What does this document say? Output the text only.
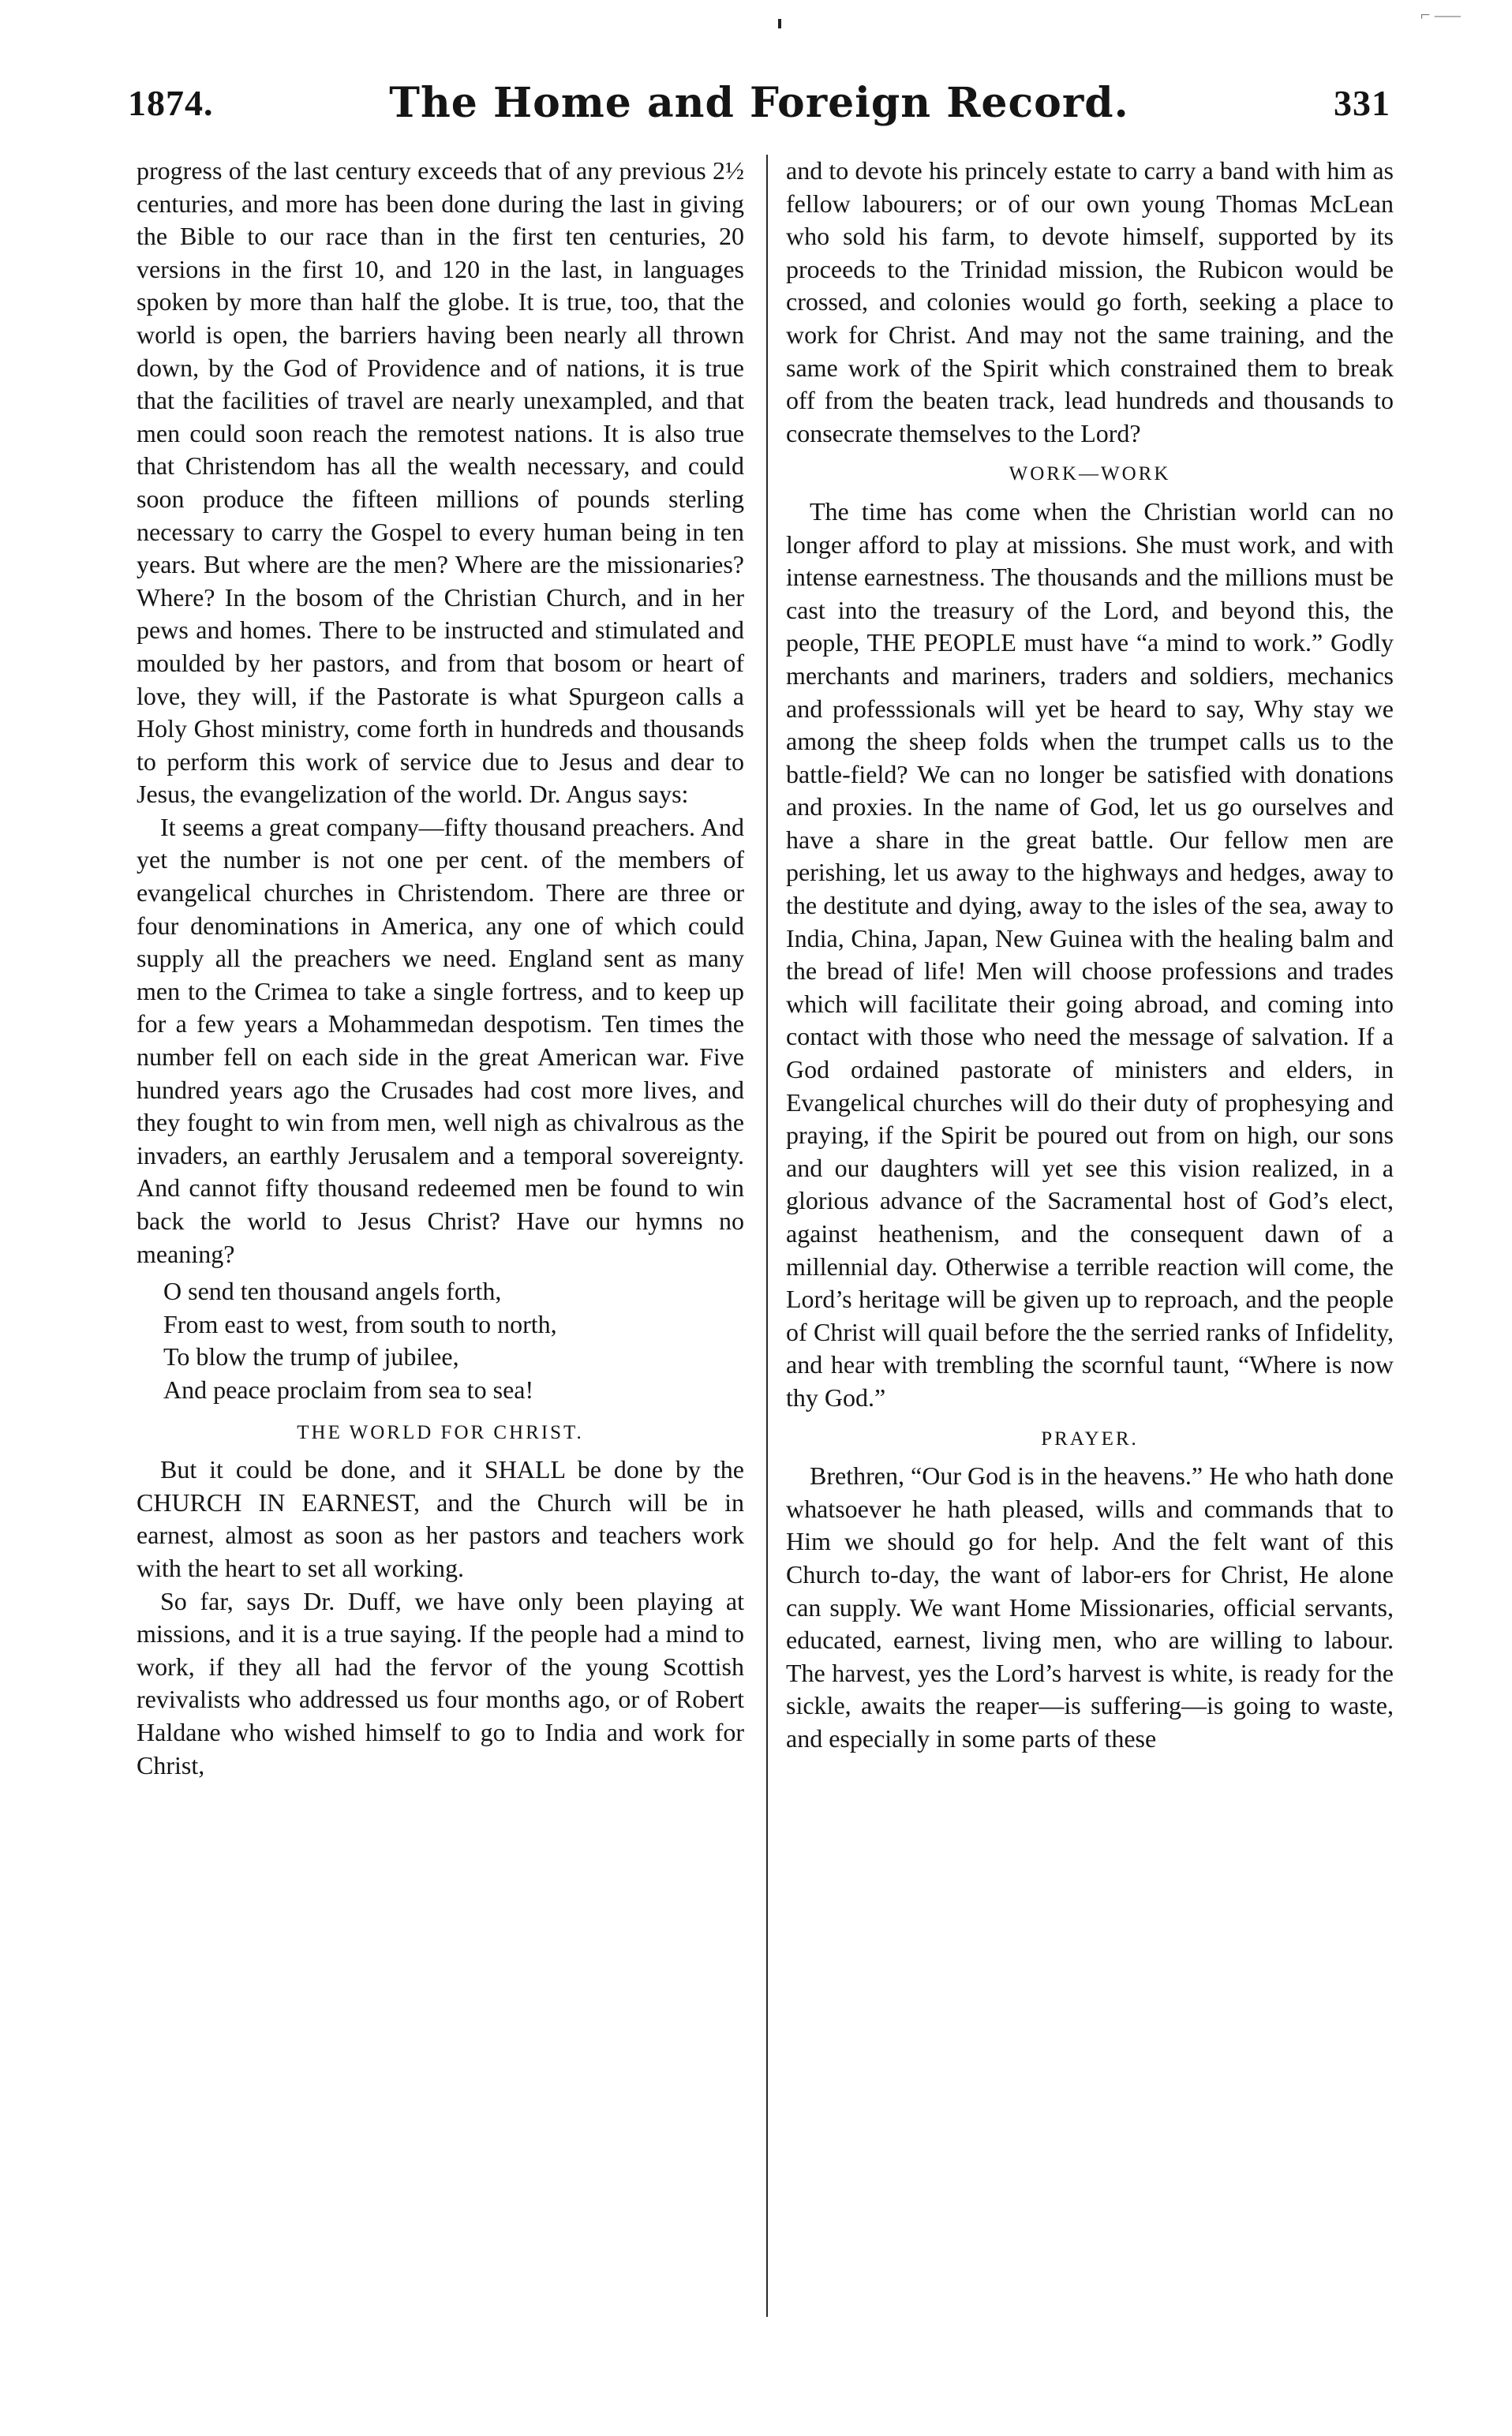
⌐ ‒‒‒
1874.	The Home and Foreign Record.	331

progress of the last century exceeds that of any previous 2½ centuries, and more has been done during the last in giving the Bible to our race than in the first ten centuries, 20 versions in the first 10, and 120 in the last, in languages spoken by more than half the globe. It is true, too, that the world is open, the barriers having been nearly all thrown down, by the God of Providence and of nations, it is true that the facilities of travel are nearly unexampled, and that men could soon reach the remotest nations. It is also true that Christendom has all the wealth necessary, and could soon produce the fifteen millions of pounds sterling necessary to carry the Gospel to every human being in ten years. But where are the men? Where are the missionaries? Where? In the bosom of the Christian Church, and in her pews and homes. There to be instructed and stimulated and moulded by her pastors, and from that bosom or heart of love, they will, if the Pastorate is what Spurgeon calls a Holy Ghost ministry, come forth in hundreds and thousands to perform this work of service due to Jesus and dear to Jesus, the evangelization of the world. Dr. Angus says:

It seems a great company—fifty thousand preachers. And yet the number is not one per cent. of the members of evangelical churches in Christendom. There are three or four denominations in America, any one of which could supply all the preachers we need. England sent as many men to the Crimea to take a single fortress, and to keep up for a few years a Mohammedan despotism. Ten times the number fell on each side in the great American war. Five hundred years ago the Crusades had cost more lives, and they fought to win from men, well nigh as chivalrous as the invaders, an earthly Jerusalem and a temporal sovereignty. And cannot fifty thousand redeemed men be found to win back the world to Jesus Christ? Have our hymns no meaning?

O send ten thousand angels forth,
From east to west, from south to north,
To blow the trump of jubilee,
And peace proclaim from sea to sea!
THE WORLD FOR CHRIST.

But it could be done, and it SHALL be done by the CHURCH IN EARNEST, and the Church will be in earnest, almost as soon as her pastors and teachers work with the heart to set all working.

So far, says Dr. Duff, we have only been playing at missions, and it is a true saying. If the people had a mind to work, if they all had the fervor of the young Scottish revivalists who addressed us four months ago, or of Robert Haldane who wished himself to go to India and work for Christ,

and to devote his princely estate to carry a band with him as fellow labourers; or of our own young Thomas McLean who sold his farm, to devote himself, supported by its proceeds to the Trinidad mission, the Rubicon would be crossed, and colonies would go forth, seeking a place to work for Christ. And may not the same training, and the same work of the Spirit which constrained them to break off from the beaten track, lead hundreds and thousands to consecrate themselves to the Lord?

WORK—WORK

The time has come when the Christian world can no longer afford to play at missions. She must work, and with intense earnestness. The thousands and the millions must be cast into the treasury of the Lord, and beyond this, the people, THE PEOPLE must have “a mind to work.” Godly merchants and mariners, traders and soldiers, mechanics and professsionals will yet be heard to say, Why stay we among the sheep folds when the trumpet calls us to the battle-field? We can no longer be satisfied with donations and proxies. In the name of God, let us go ourselves and have a share in the great battle. Our fellow men are perishing, let us away to the highways and hedges, away to the destitute and dying, away to the isles of the sea, away to India, China, Japan, New Guinea with the healing balm and the bread of life! Men will choose professions and trades which will facilitate their going abroad, and coming into contact with those who need the message of salvation. If a God ordained pastorate of ministers and elders, in Evangelical churches will do their duty of prophesying and praying, if the Spirit be poured out from on high, our sons and our daughters will yet see this vision realized, in a glorious advance of the Sacramental host of God’s elect, against heathenism, and the consequent dawn of a millennial day. Otherwise a terrible reaction will come, the Lord’s heritage will be given up to reproach, and the people of Christ will quail before the the serried ranks of Infidelity, and hear with trembling the scornful taunt, “Where is now thy God.”

PRAYER.

Brethren, “Our God is in the heavens.” He who hath done whatsoever he hath pleased, wills and commands that to Him we should go for help. And the felt want of this Church to-day, the want of labor-ers for Christ, He alone can supply. We want Home Missionaries, official servants, educated, earnest, living men, who are willing to labour. The harvest, yes the Lord’s harvest is white, is ready for the sickle, awaits the reaper—is suffering—is going to waste, and especially in some parts of these
